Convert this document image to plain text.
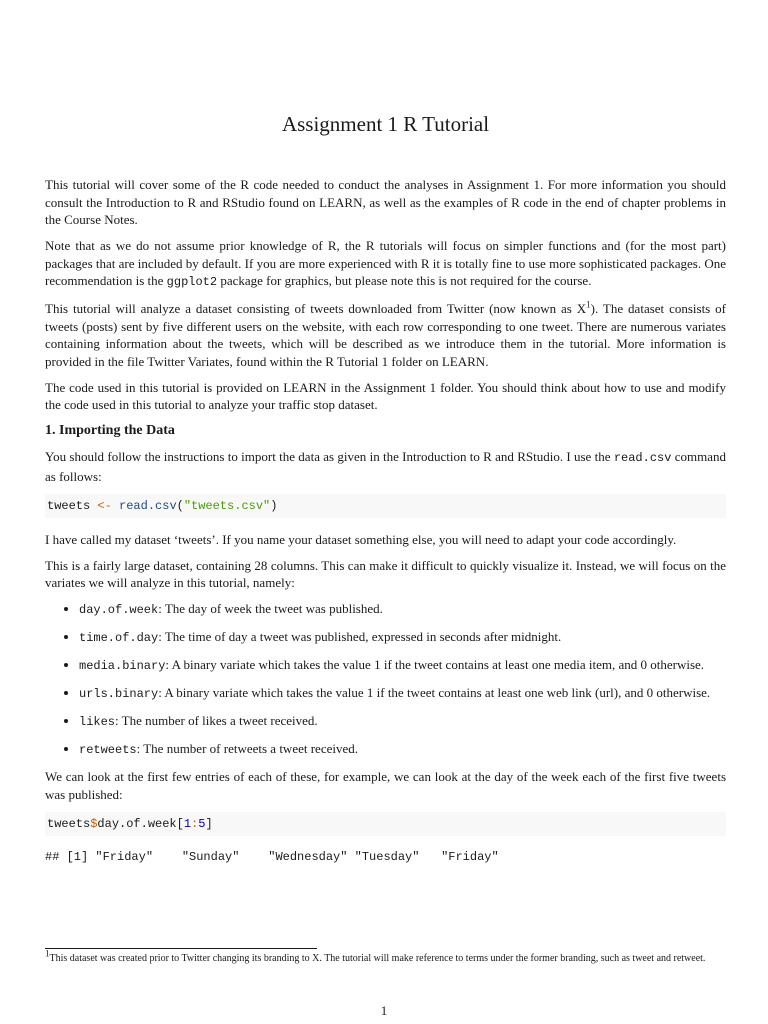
Assignment 1 R Tutorial

This tutorial will cover some of the R code needed to conduct the analyses in Assignment 1. For more information you should consult the Introduction to R and RStudio found on LEARN, as well as the examples of R code in the end of chapter problems in the Course Notes.

Note that as we do not assume prior knowledge of R, the R tutorials will focus on simpler functions and (for the most part) packages that are included by default. If you are more experienced with R it is totally fine to use more sophisticated packages. One recommendation is the ggplot2 package for graphics, but please note this is not required for the course.

This tutorial will analyze a dataset consisting of tweets downloaded from Twitter (now known as $X^1$). The dataset consists of tweets (posts) sent by five different users on the website, with each row corresponding to one tweet. There are numerous variates containing information about the tweets, which will be described as we introduce them in the tutorial. More information is provided in the file Twitter Variates, found within the R Tutorial 1 folder on LEARN.

The code used in this tutorial is provided on LEARN in the Assignment 1 folder. You should think about how to use and modify the code used in this tutorial to analyze your traffic stop dataset.

1. Importing the Data

You should follow the instructions to import the data as given in the Introduction to R and RStudio. I use the read.csv command as follows:

tweets <- read.csv("tweets.csv")

I have called my dataset ‘tweets’. If you name your dataset something else, you will need to adapt your code accordingly.

This is a fairly large dataset, containing 28 columns. This can make it difficult to quickly visualize it. Instead, we will focus on the variates we will analyze in this tutorial, namely:

• day.of.week: The day of week the tweet was published.
• time.of.day: The time of day a tweet was published, expressed in seconds after midnight.
• media.binary: A binary variate which takes the value 1 if the tweet contains at least one media item, and 0 otherwise.
• urls.binary: A binary variate which takes the value 1 if the tweet contains at least one web link (url), and 0 otherwise.
• likes: The number of likes a tweet received.
• retweets: The number of retweets a tweet received.

We can look at the first few entries of each of these, for example, we can look at the day of the week each of the first five tweets was published:

tweets$day.of.week[1:5]
## [1] "Friday"    "Sunday"    "Wednesday" "Tuesday"   "Friday"
$^1$This dataset was created prior to Twitter changing its branding to X. The tutorial will make reference to terms under the former branding, such as tweet and retweet.
1
